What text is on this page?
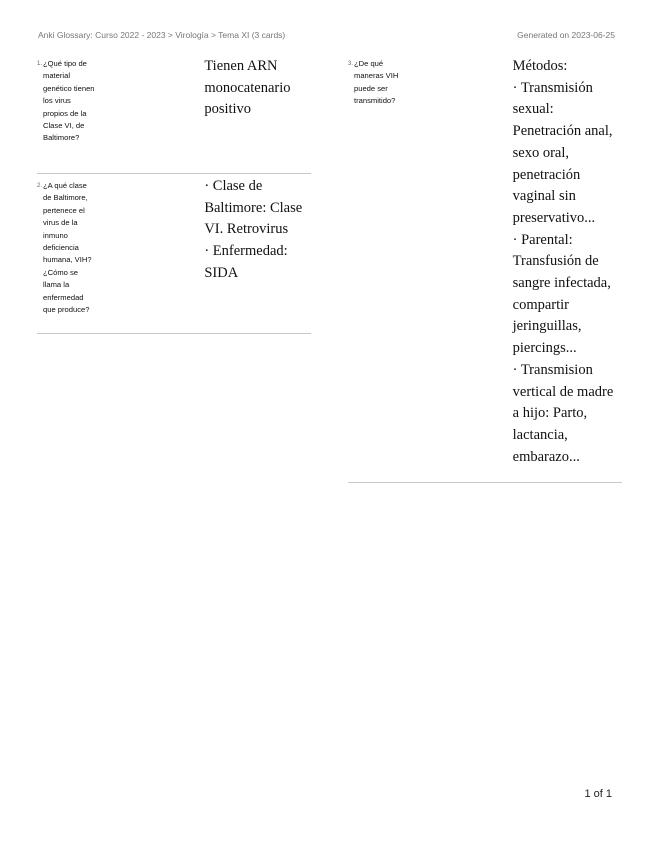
Anki Glossary: Curso 2022 - 2023 > Virología > Tema XI (3 cards)	Generated on 2023-06-25
1. ¿Qué tipo de material genético tienen los virus propios de la Clase VI, de Baltimore?
Tienen ARN
monocatenario
positivo
2. ¿A qué clase de Baltimore, pertenece el virus de la inmuno deficiencia humana, VIH? ¿Cómo se llama la enfermedad que produce?
· Clase de
Baltimore: Clase
VI. Retrovirus
· Enfermedad:
SIDA
3. ¿De qué maneras VIH puede ser transmitido?
Métodos:
· Transmisión
sexual:
Penetración anal,
sexo oral,
penetración
vaginal sin
preservativo...
· Parental:
Transfusión de
sangre infectada,
compartir
jeringuillas,
piercings...
· Transmision
vertical de madre
a hijo: Parto,
lactancia,
embarazo...
1 of 1
